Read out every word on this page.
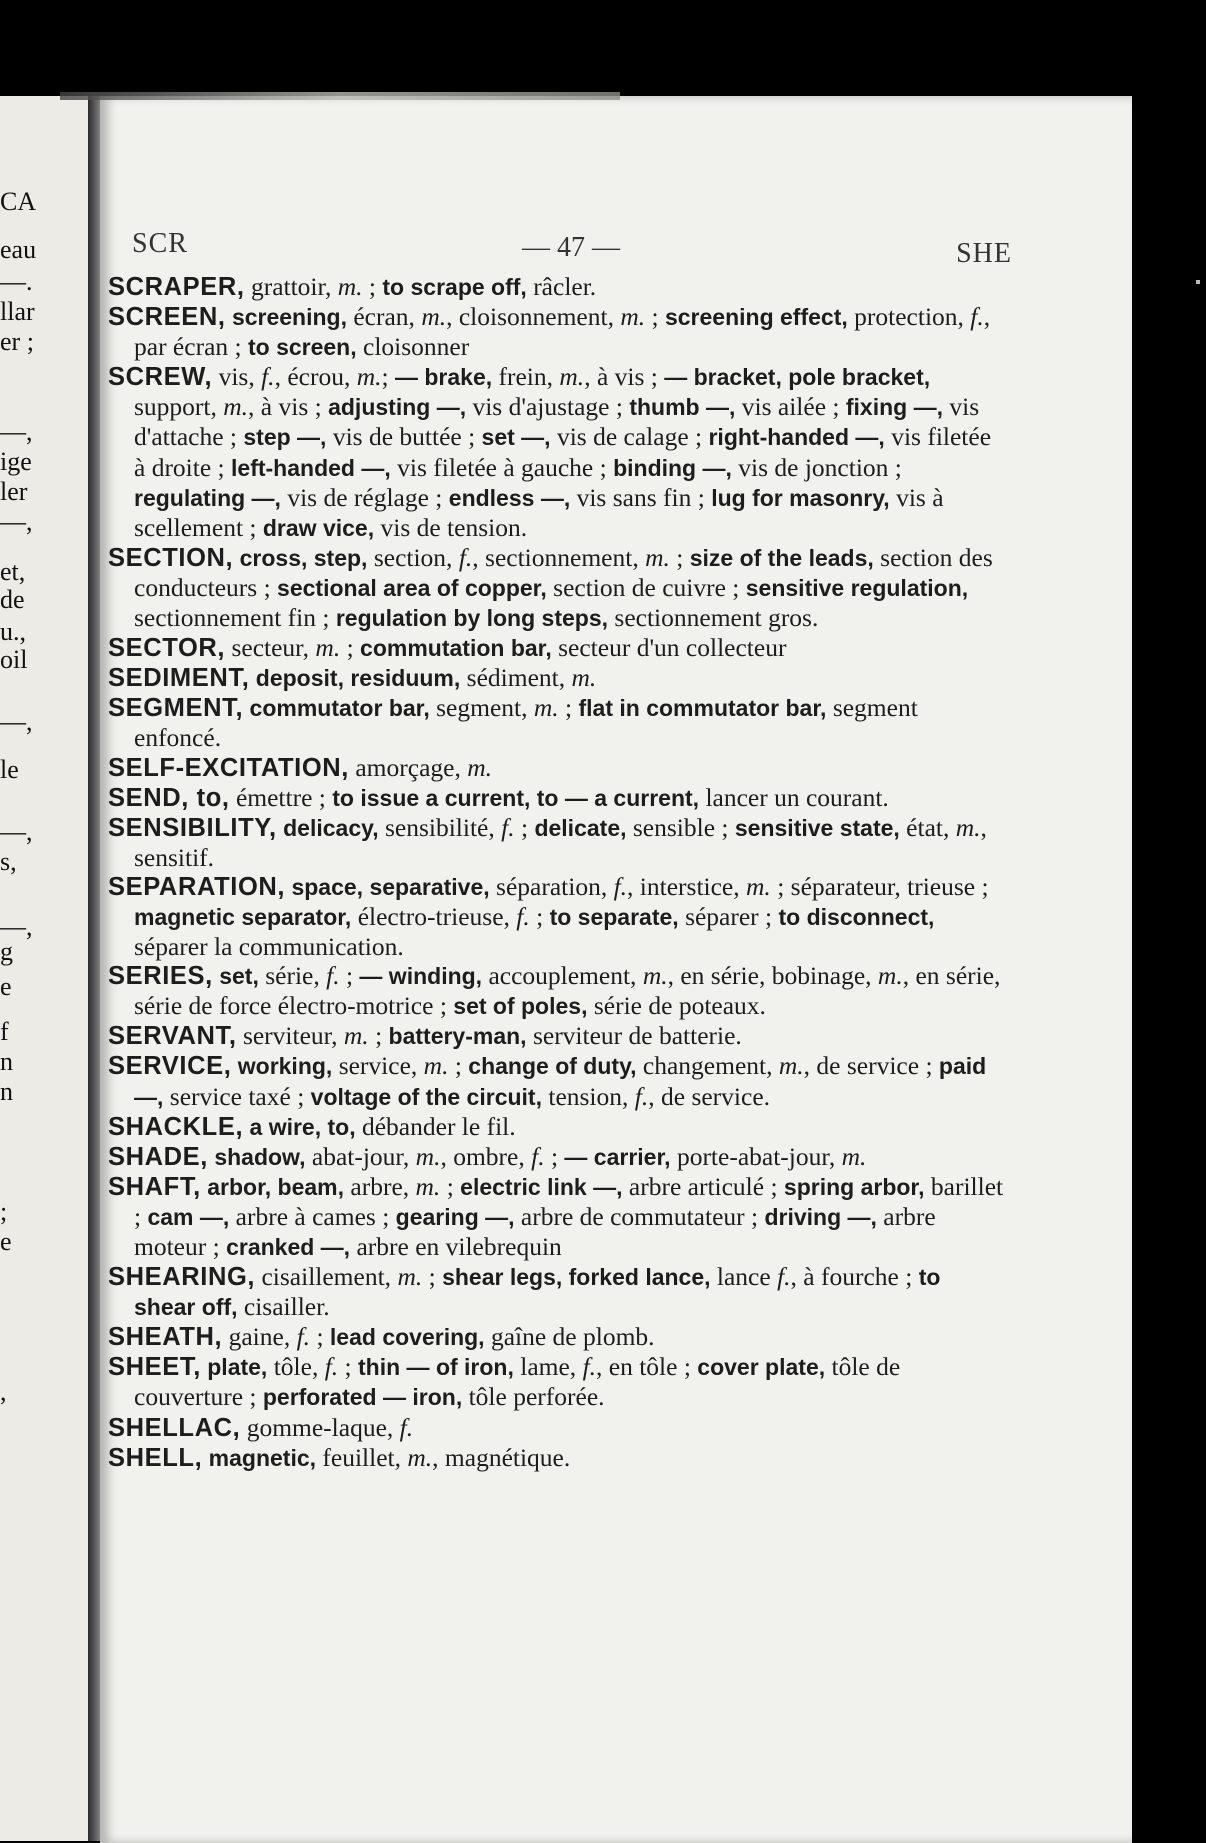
CA
eau
—.
llar
er ;
—,
ige
ler
—,
et,
de
u.,
oil
—,
le
—,
s,
—,
g
e
f
n
n
;
e
,
SCR	— 47 —	SHE

SCRAPER, grattoir, m. ; to scrape off, râcler.

SCREEN, screening, écran, m., cloisonnement, m. ; screening effect, protection, f., par écran ; to screen, cloisonner

SCREW, vis, f., écrou, m.; — brake, frein, m., à vis ; — bracket, pole bracket, support, m., à vis ; adjusting —, vis d'ajustage ; thumb —, vis ailée ; fixing —, vis d'attache ; step —, vis de buttée ; set —, vis de calage ; right-handed —, vis filetée à droite ; left-handed —, vis filetée à gauche ; binding —, vis de jonction ; regulating —, vis de réglage ; endless —, vis sans fin ; lug for masonry, vis à scellement ; draw vice, vis de tension.

SECTION, cross, step, section, f., sectionnement, m. ; size of the leads, section des conducteurs ; sectional area of copper, section de cuivre ; sensitive regulation, sectionnement fin ; regulation by long steps, sectionnement gros.

SECTOR, secteur, m. ; commutation bar, secteur d'un collecteur

SEDIMENT, deposit, residuum, sédiment, m.

SEGMENT, commutator bar, segment, m. ; flat in commutator bar, segment enfoncé.

SELF-EXCITATION, amorçage, m.

SEND, to, émettre ; to issue a current, to — a current, lancer un courant.

SENSIBILITY, delicacy, sensibilité, f. ; delicate, sensible ; sensitive state, état, m., sensitif.

SEPARATION, space, separative, séparation, f., interstice, m. ; séparateur, trieuse ; magnetic separator, électro-trieuse, f. ; to separate, séparer ; to disconnect, séparer la communication.

SERIES, set, série, f. ; — winding, accouplement, m., en série, bobinage, m., en série, série de force électro-motrice ; set of poles, série de poteaux.

SERVANT, serviteur, m. ; battery-man, serviteur de batterie.

SERVICE, working, service, m. ; change of duty, changement, m., de service ; paid —, service taxé ; voltage of the circuit, tension, f., de service.

SHACKLE, a wire, to, débander le fil.

SHADE, shadow, abat-jour, m., ombre, f. ; — carrier, porte-abat-jour, m.

SHAFT, arbor, beam, arbre, m. ; electric link —, arbre articulé ; spring arbor, barillet ; cam —, arbre à cames ; gearing —, arbre de commutateur ; driving —, arbre moteur ; cranked —, arbre en vilebrequin

SHEARING, cisaillement, m. ; shear legs, forked lance, lance f., à fourche ; to shear off, cisailler.

SHEATH, gaine, f. ; lead covering, gaîne de plomb.

SHEET, plate, tôle, f. ; thin — of iron, lame, f., en tôle ; cover plate, tôle de couverture ; perforated — iron, tôle perforée.

SHELLAC, gomme-laque, f.

SHELL, magnetic, feuillet, m., magnétique.
